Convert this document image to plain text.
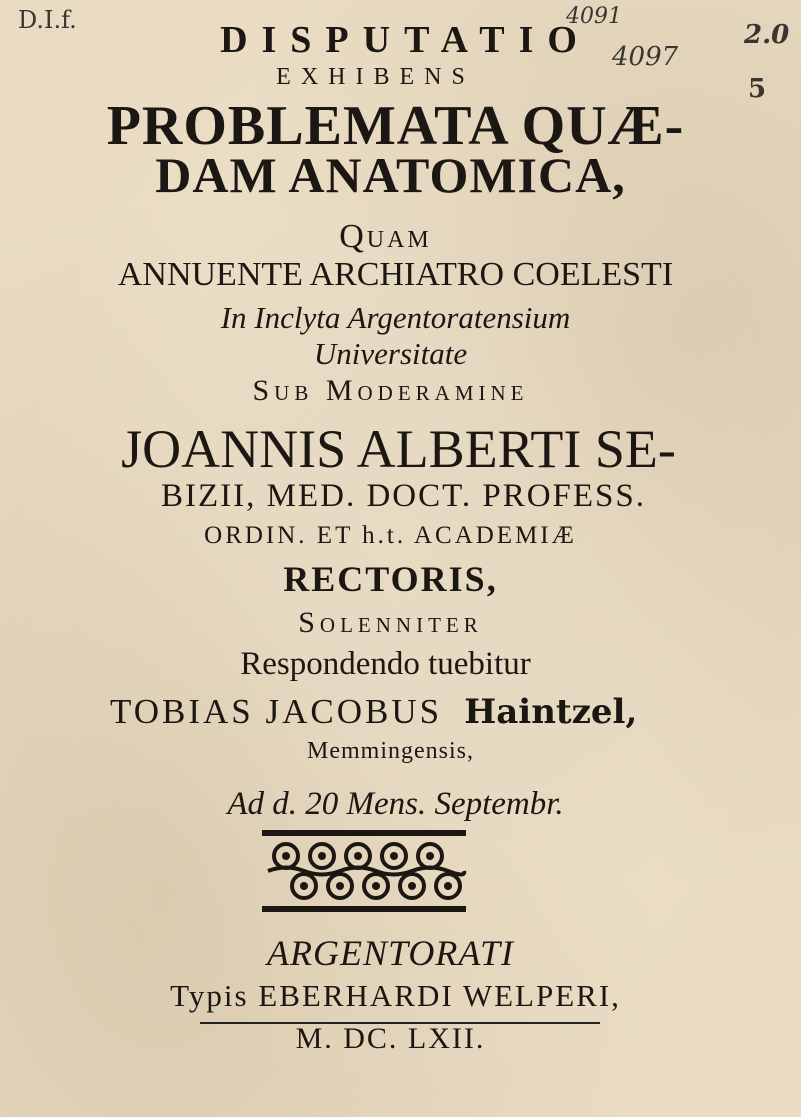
D.I.f.	4091
4097
2.0
5
DISPUTATIO
EXHIBENS
PROBLEMATA QUÆ-
DAM ANATOMICA,
Quam
ANNUENTE ARCHIATRO COELESTI
In Inclyta Argentoratensium
Universitate
Sub Moderamine
JOANNIS ALBERTI SE-
BIZII, MED. DOCT. PROFESS.
ORDIN. ET h.t. ACADEMIÆ
RECTORIS,
Solenniter
Respondendo tuebitur
TOBIAS JACOBUS Haintzel,
Memmingensis,
Ad d. 20 Mens. Septembr.
ARGENTORATI
Typis EBERHARDI WELPERI,
M. DC. LXII.
